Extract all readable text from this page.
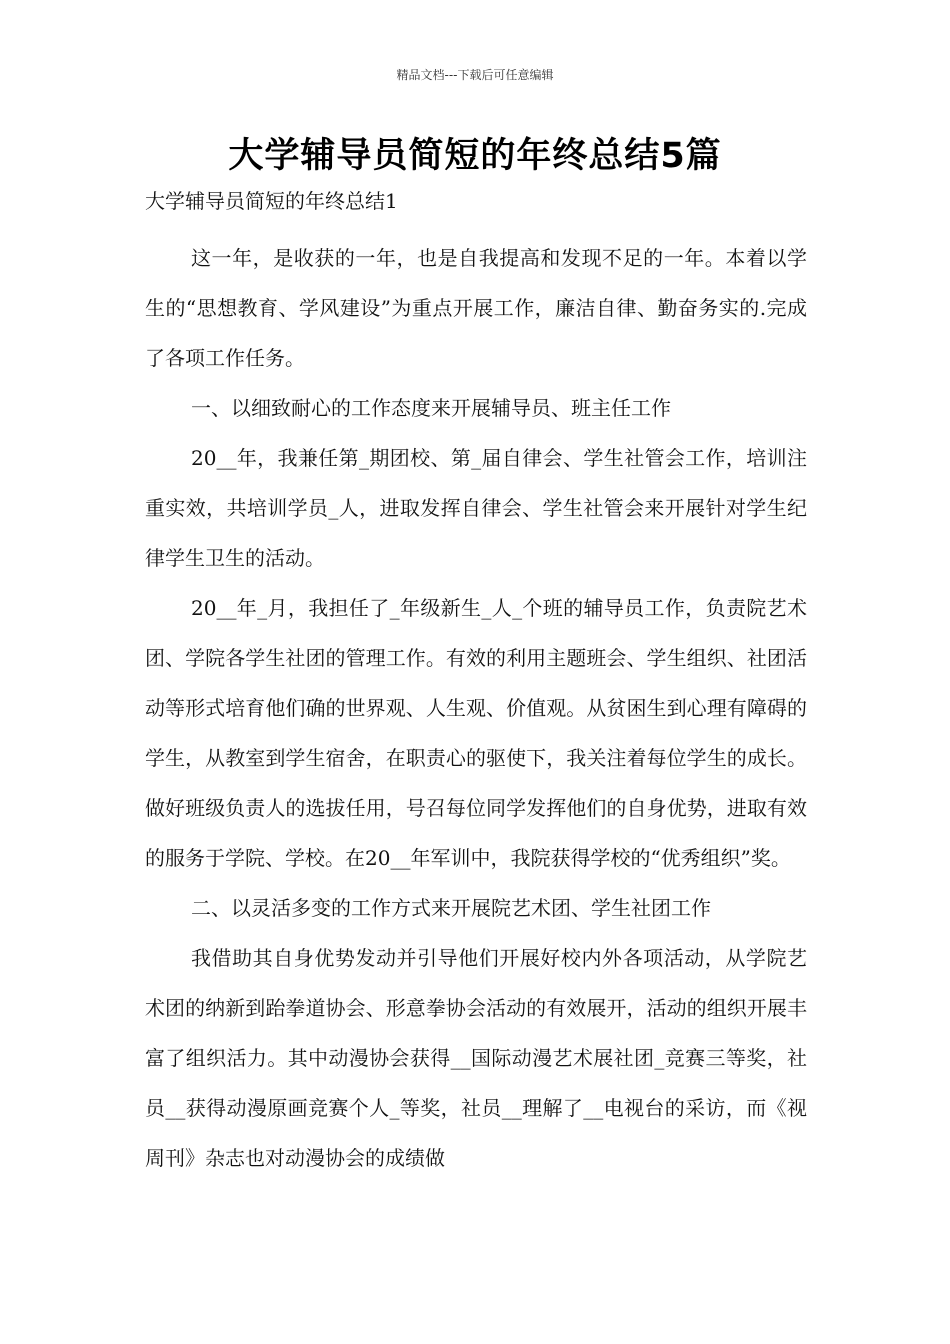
精品文档---下载后可任意编辑
大学辅导员简短的年终总结5篇
大学辅导员简短的年终总结1

这一年，是收获的一年，也是自我提高和发现不足的一年。本着以学生的“思想教育、学风建设”为重点开展工作，廉洁自律、勤奋务实的.完成了各项工作任务。

一、以细致耐心的工作态度来开展辅导员、班主任工作

20__年，我兼任第_期团校、第_届自律会、学生社管会工作，培训注重实效，共培训学员_人，进取发挥自律会、学生社管会来开展针对学生纪律学生卫生的活动。

20__年_月，我担任了_年级新生_人_个班的辅导员工作，负责院艺术团、学院各学生社团的管理工作。有效的利用主题班会、学生组织、社团活动等形式培育他们确的世界观、人生观、价值观。从贫困生到心理有障碍的学生，从教室到学生宿舍，在职责心的驱使下，我关注着每位学生的成长。做好班级负责人的选拔任用，号召每位同学发挥他们的自身优势，进取有效的服务于学院、学校。在20__年军训中，我院获得学校的“优秀组织”奖。

二、以灵活多变的工作方式来开展院艺术团、学生社团工作

我借助其自身优势发动并引导他们开展好校内外各项活动，从学院艺术团的纳新到跆拳道协会、形意拳协会活动的有效展开，活动的组织开展丰富了组织活力。其中动漫协会获得__国际动漫艺术展社团_竞赛三等奖，社员__获得动漫原画竞赛个人_等奖，社员__理解了__电视台的采访，而《视周刊》杂志也对动漫协会的成绩做
